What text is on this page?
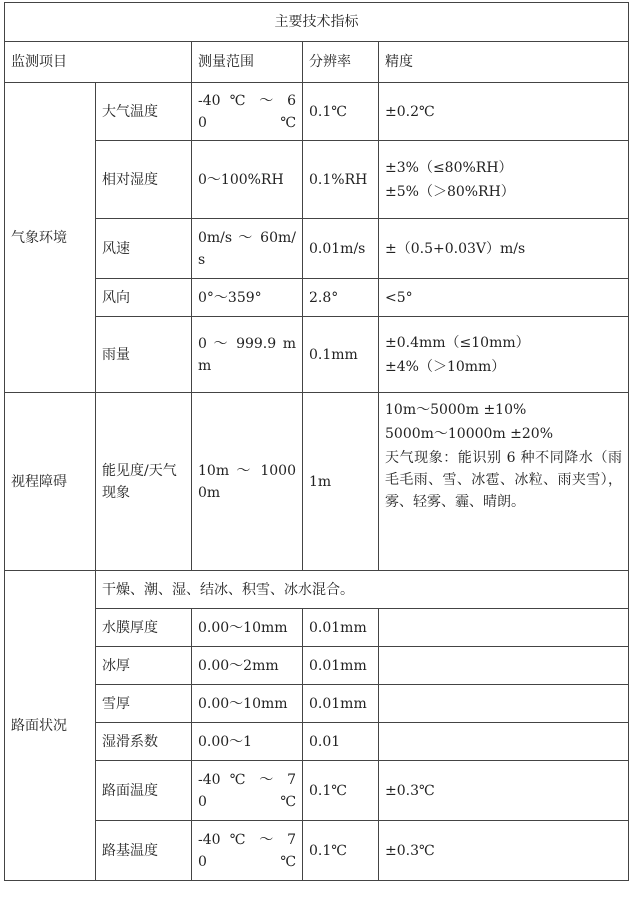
主要技术指标				
监测项目		测量范围	分辨率	精度
气象环境	大气温度	-40 ℃ ～ 60℃	0.1℃	±0.2℃
	相对湿度	0～100%RH	0.1%RH	±3%（≤80%RH）
±5%（＞80%RH）

	风速	0m/s ～ 60m/s	0.01m/s	±（0.5+0.03V）m/s
	风向	0°～359°	2.8°	<5°
	雨量	0 ～ 999.9 mm	0.1mm	±0.4mm（≤10mm）
±4%（＞10mm）

视程障碍	能见度/天气现象	10m ～ 10000m	1m	10m～5000m ±10%
5000m～10000m ±20%
天气现象：能识别 6 种不同降水（雨毛毛雨、雪、冰雹、冰粒、雨夹雪），雾、轻雾、霾、晴朗。

路面状况	干燥、潮、湿、结冰、积雪、冰水混合。			
	水膜厚度	0.00～10mm	0.01mm	
	冰厚	0.00～2mm	0.01mm	
	雪厚	0.00～10mm	0.01mm	
	湿滑系数	0.00～1	0.01	
	路面温度	-40 ℃ ～ 70℃	0.1℃	±0.3℃
	路基温度	-40 ℃ ～ 70℃	0.1℃	±0.3℃
